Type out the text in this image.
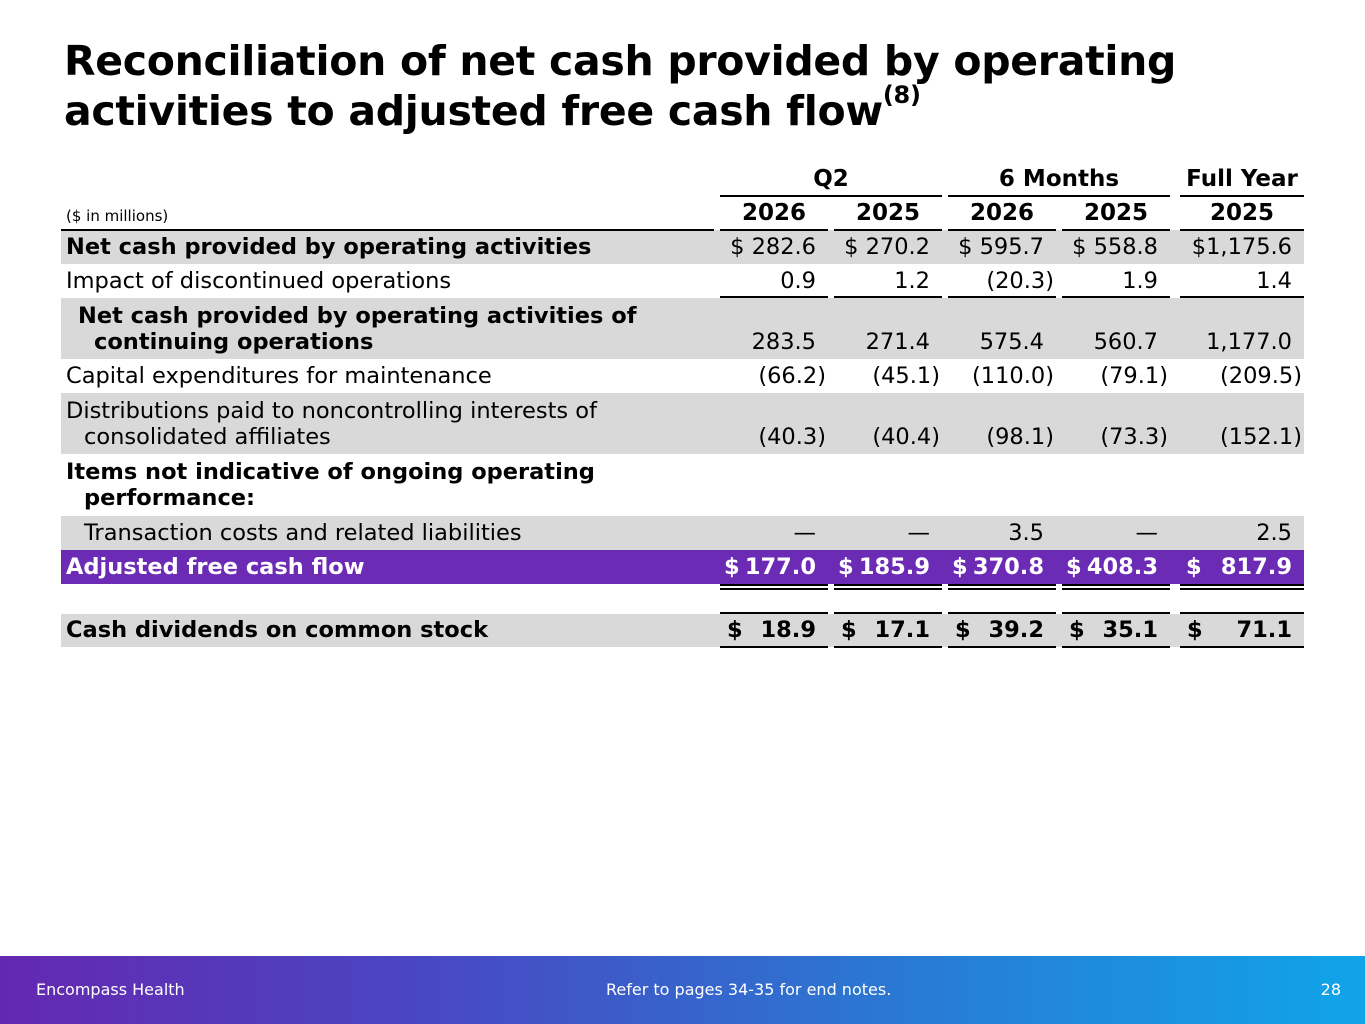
Reconciliation of net cash provided by operating activities to adjusted free cash flow$^{(8)}$
Q2	6 Months	Full Year
($ in millions)	2026	2025	2026	2025	2025
Net cash provided by operating activities	$ 282.6 $ 270.2 $ 595.7 $ 558.8 $1,175.6
Impact of discontinued operations	0.9	1.2	(20.3)	1.9	1.4
Net cash provided by operating activities of
continuing operations	283.5 271.4 575.4 560.7 1,177.0
Capital expenditures for maintenance	(66.2) (45.1) (110.0) (79.1) (209.5)
Distributions paid to noncontrolling interests of
consolidated affiliates	(40.3) (40.4) (98.1) (73.3) (152.1)
Items not indicative of ongoing operating
performance:
Transaction costs and related liabilities	—	—	3.5	—	2.5
Adjusted free cash flow	$ 177.0 $ 185.9 $ 370.8 $ 408.3 $ 817.9
Cash dividends on common stock	$ 18.9 $ 17.1 $ 39.2 $ 35.1 $ 71.1
Encompass Health	Refer to pages 34-35 for end notes.	28
